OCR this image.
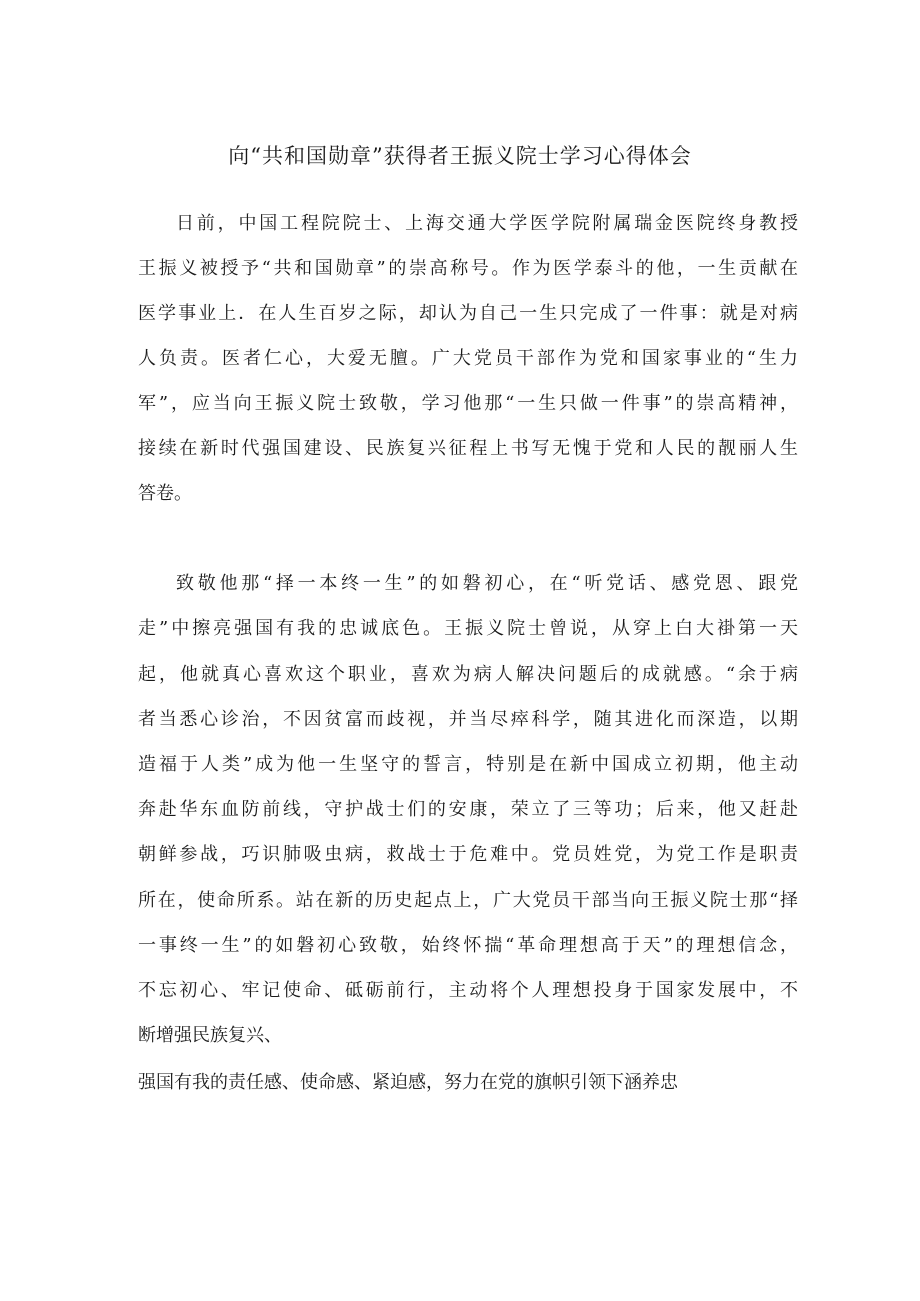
向“共和国勋章”获得者王振义院士学习心得体会
日前，中国工程院院士、上海交通大学医学院附属瑞金医院终身教授
王振义被授予“共和国勋章”的崇高称号。作为医学泰斗的他，一生贡献在
医学事业上．在人生百岁之际，却认为自己一生只完成了一件事：就是对病
人负责。医者仁心，大爱无膻。广大党员干部作为党和国家事业的“生力
军”，应当向王振义院士致敬，学习他那“一生只做一件事”的崇高精神，
接续在新时代强国建设、民族复兴征程上书写无愧于党和人民的靓丽人生
答卷。
致敬他那“择一本终一生”的如磐初心，在“听党话、感党恩、跟党
走”中擦亮强国有我的忠诚底色。王振义院士曾说，从穿上白大褂第一天
起，他就真心喜欢这个职业，喜欢为病人解决问题后的成就感。“余于病
者当悉心诊治，不因贫富而歧视，并当尽瘁科学，随其进化而深造，以期
造福于人类”成为他一生坚守的誓言，特别是在新中国成立初期，他主动
奔赴华东血防前线，守护战士们的安康，荣立了三等功；后来，他又赶赴
朝鲜参战，巧识肺吸虫病，救战士于危难中。党员姓党，为党工作是职责
所在，使命所系。站在新的历史起点上，广大党员干部当向王振义院士那“择
一事终一生”的如磐初心致敬，始终怀揣“革命理想高于天”的理想信念，
不忘初心、牢记使命、砥砺前行，主动将个人理想投身于国家发展中，不
断增强民族复兴、
强国有我的责任感、使命感、紧迫感，努力在党的旗帜引领下涵养忠
